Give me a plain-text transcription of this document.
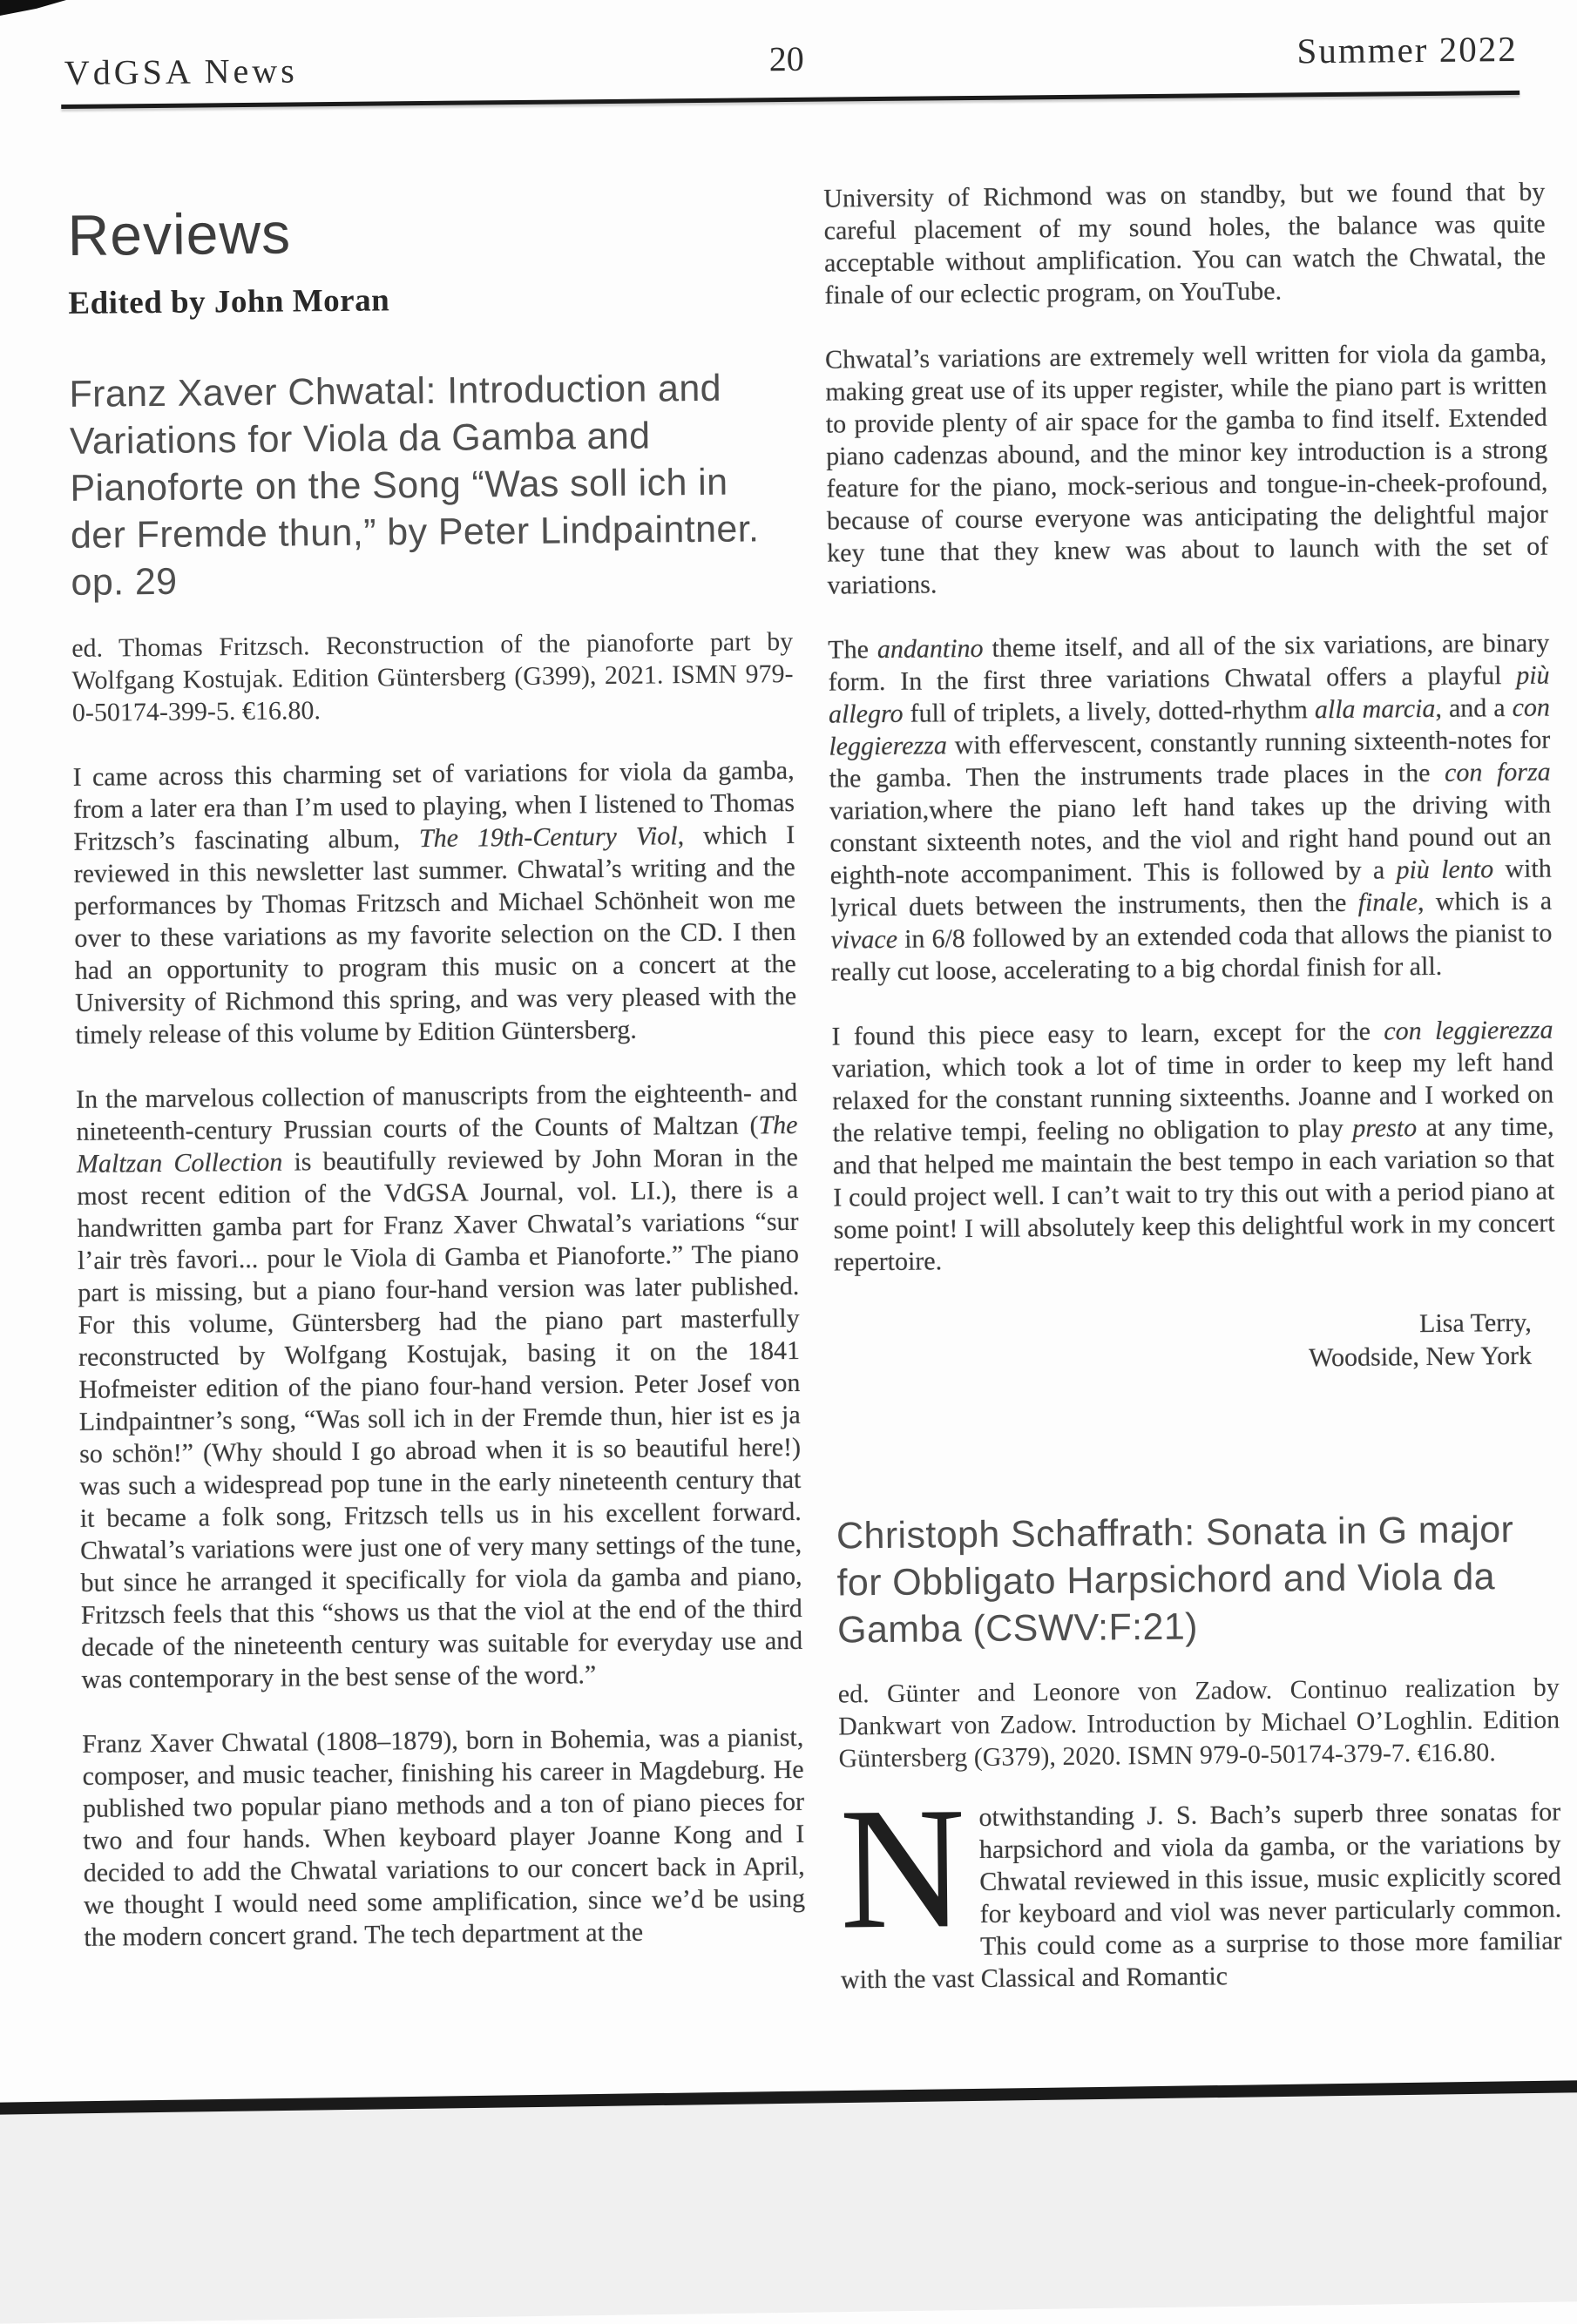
VdGSA News	20	Summer 2022
Reviews
Edited by John Moran
Franz Xaver Chwatal: Introduction and Variations for Viola da Gamba and Pianoforte on the Song “Was soll ich in der Fremde thun,” by Peter Lindpaintner. op. 29

ed. Thomas Fritzsch. Reconstruction of the pianoforte part by Wolfgang Kostujak. Edition Güntersberg (G399), 2021. ISMN 979-0-50174-399-5. €16.80.

I came across this charming set of variations for viola da gamba, from a later era than I’m used to playing, when I listened to Thomas Fritzsch’s fascinating album, The 19th-Century Viol, which I reviewed in this newsletter last summer. Chwatal’s writing and the performances by Thomas Fritzsch and Michael Schönheit won me over to these variations as my favorite selection on the CD. I then had an opportunity to program this music on a concert at the University of Richmond this spring, and was very pleased with the timely release of this volume by Edition Güntersberg.

In the marvelous collection of manuscripts from the eighteenth- and nineteenth-century Prussian courts of the Counts of Maltzan (The Maltzan Collection is beautifully reviewed by John Moran in the most recent edition of the VdGSA Journal, vol. LI.), there is a handwritten gamba part for Franz Xaver Chwatal’s variations “sur l’air très favori... pour le Viola di Gamba et Pianoforte.” The piano part is missing, but a piano four-hand version was later published. For this volume, Güntersberg had the piano part masterfully reconstructed by Wolfgang Kostujak, basing it on the 1841 Hofmeister edition of the piano four-hand version. Peter Josef von Lindpaintner’s song, “Was soll ich in der Fremde thun, hier ist es ja so schön!” (Why should I go abroad when it is so beautiful here!) was such a widespread pop tune in the early nineteenth century that it became a folk song, Fritzsch tells us in his excellent forward. Chwatal’s variations were just one of very many settings of the tune, but since he arranged it specifically for viola da gamba and piano, Fritzsch feels that this “shows us that the viol at the end of the third decade of the nineteenth century was suitable for everyday use and was contemporary in the best sense of the word.”

Franz Xaver Chwatal (1808–1879), born in Bohemia, was a pianist, composer, and music teacher, finishing his career in Magdeburg. He published two popular piano methods and a ton of piano pieces for two and four hands. When keyboard player Joanne Kong and I decided to add the Chwatal variations to our concert back in April, we thought I would need some amplification, since we’d be using the modern concert grand. The tech department at the

University of Richmond was on standby, but we found that by careful placement of my sound holes, the balance was quite acceptable without amplification. You can watch the Chwatal, the finale of our eclectic program, on YouTube.

Chwatal’s variations are extremely well written for viola da gamba, making great use of its upper register, while the piano part is written to provide plenty of air space for the gamba to find itself. Extended piano cadenzas abound, and the minor key introduction is a strong feature for the piano, mock-serious and tongue-in-cheek-profound, because of course everyone was anticipating the delightful major key tune that they knew was about to launch with the set of variations.

The andantino theme itself, and all of the six variations, are binary form. In the first three variations Chwatal offers a playful più allegro full of triplets, a lively, dotted-rhythm alla marcia, and a con leggierezza with effervescent, constantly running sixteenth-notes for the gamba. Then the instruments trade places in the con forza variation,where the piano left hand takes up the driving with constant sixteenth notes, and the viol and right hand pound out an eighth-note accompaniment. This is followed by a più lento with lyrical duets between the instruments, then the finale, which is a vivace in 6/8 followed by an extended coda that allows the pianist to really cut loose, accelerating to a big chordal finish for all.

I found this piece easy to learn, except for the con leggierezza variation, which took a lot of time in order to keep my left hand relaxed for the constant running sixteenths. Joanne and I worked on the relative tempi, feeling no obligation to play presto at any time, and that helped me maintain the best tempo in each variation so that I could project well. I can’t wait to try this out with a period piano at some point! I will absolutely keep this delightful work in my concert repertoire.

Lisa Terry,
Woodside, New York
Christoph Schaffrath: Sonata in G major for Obbligato Harpsichord and Viola da Gamba (CSWV:F:21)

ed. Günter and Leonore von Zadow. Continuo realization by Dankwart von Zadow. Introduction by Michael O’Loghlin. Edition Güntersberg (G379), 2020. ISMN 979-0-50174-379-7. €16.80.

Notwithstanding J. S. Bach’s superb three sonatas for harpsichord and viola da gamba, or the variations by Chwatal reviewed in this issue, music explicitly scored for keyboard and viol was never particularly common. This could come as a surprise to those more familiar with the vast Classical and Romantic
